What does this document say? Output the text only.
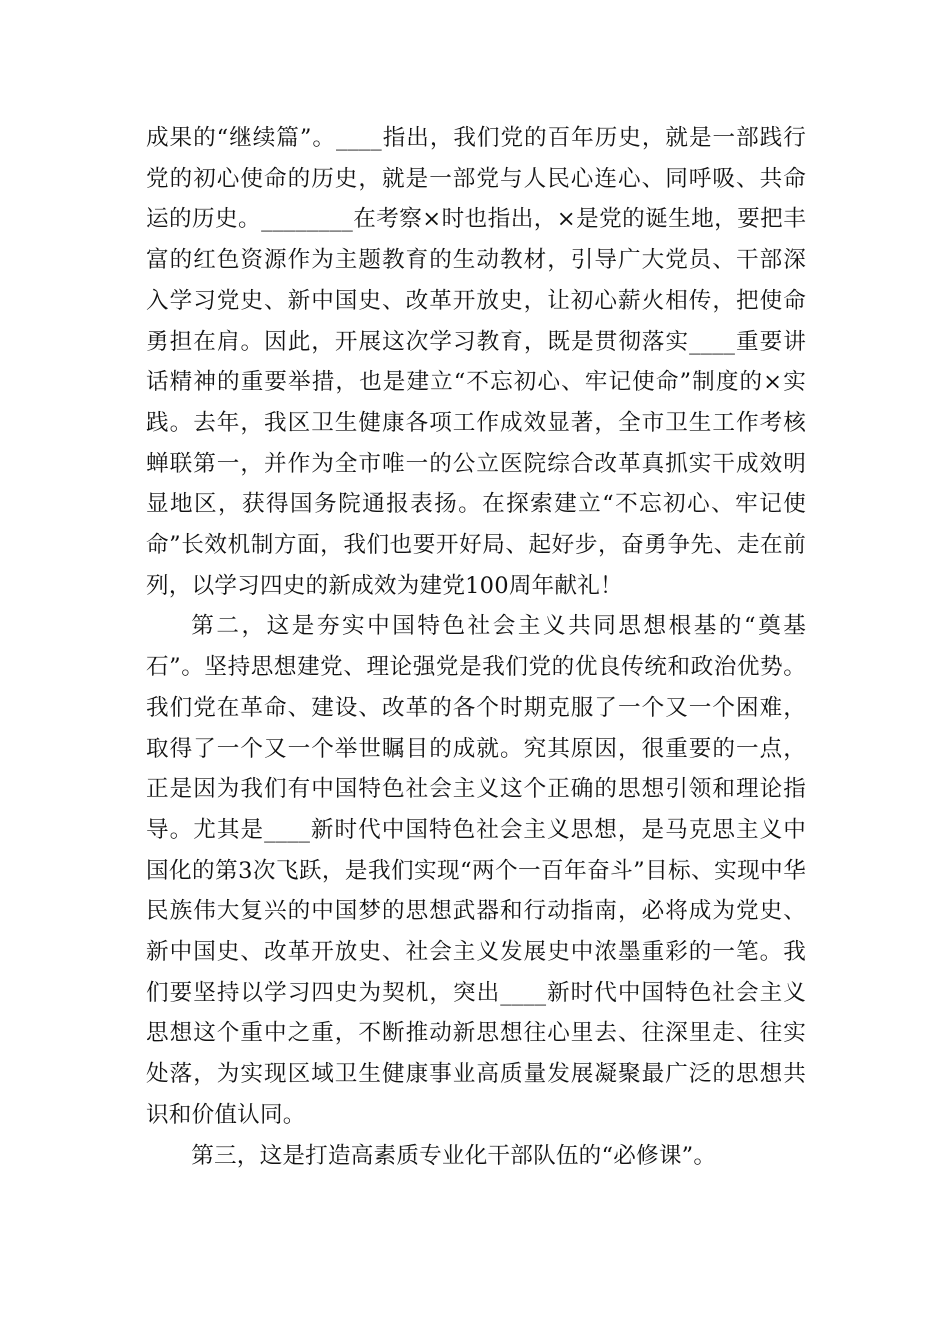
成果的“继续篇”。____指出，我们党的百年历史，就是一部践行党的初心使命的历史，就是一部党与人民心连心、同呼吸、共命运的历史。________在考察×时也指出，×是党的诞生地，要把丰富的红色资源作为主题教育的生动教材，引导广大党员、干部深入学习党史、新中国史、改革开放史，让初心薪火相传，把使命勇担在肩。因此，开展这次学习教育，既是贯彻落实____重要讲话精神的重要举措，也是建立“不忘初心、牢记使命”制度的×实践。去年，我区卫生健康各项工作成效显著，全市卫生工作考核蝉联第一，并作为全市唯一的公立医院综合改革真抓实干成效明显地区，获得国务院通报表扬。在探索建立“不忘初心、牢记使命”长效机制方面，我们也要开好局、起好步，奋勇争先、走在前列，以学习四史的新成效为建党100周年献礼！

第二，这是夯实中国特色社会主义共同思想根基的“奠基石”。坚持思想建党、理论强党是我们党的优良传统和政治优势。我们党在革命、建设、改革的各个时期克服了一个又一个困难，取得了一个又一个举世瞩目的成就。究其原因，很重要的一点，正是因为我们有中国特色社会主义这个正确的思想引领和理论指导。尤其是____新时代中国特色社会主义思想，是马克思主义中国化的第3次飞跃，是我们实现“两个一百年奋斗”目标、实现中华民族伟大复兴的中国梦的思想武器和行动指南，必将成为党史、新中国史、改革开放史、社会主义发展史中浓墨重彩的一笔。我们要坚持以学习四史为契机，突出____新时代中国特色社会主义思想这个重中之重，不断推动新思想往心里去、往深里走、往实处落，为实现区域卫生健康事业高质量发展凝聚最广泛的思想共识和价值认同。

第三，这是打造高素质专业化干部队伍的“必修课”。
